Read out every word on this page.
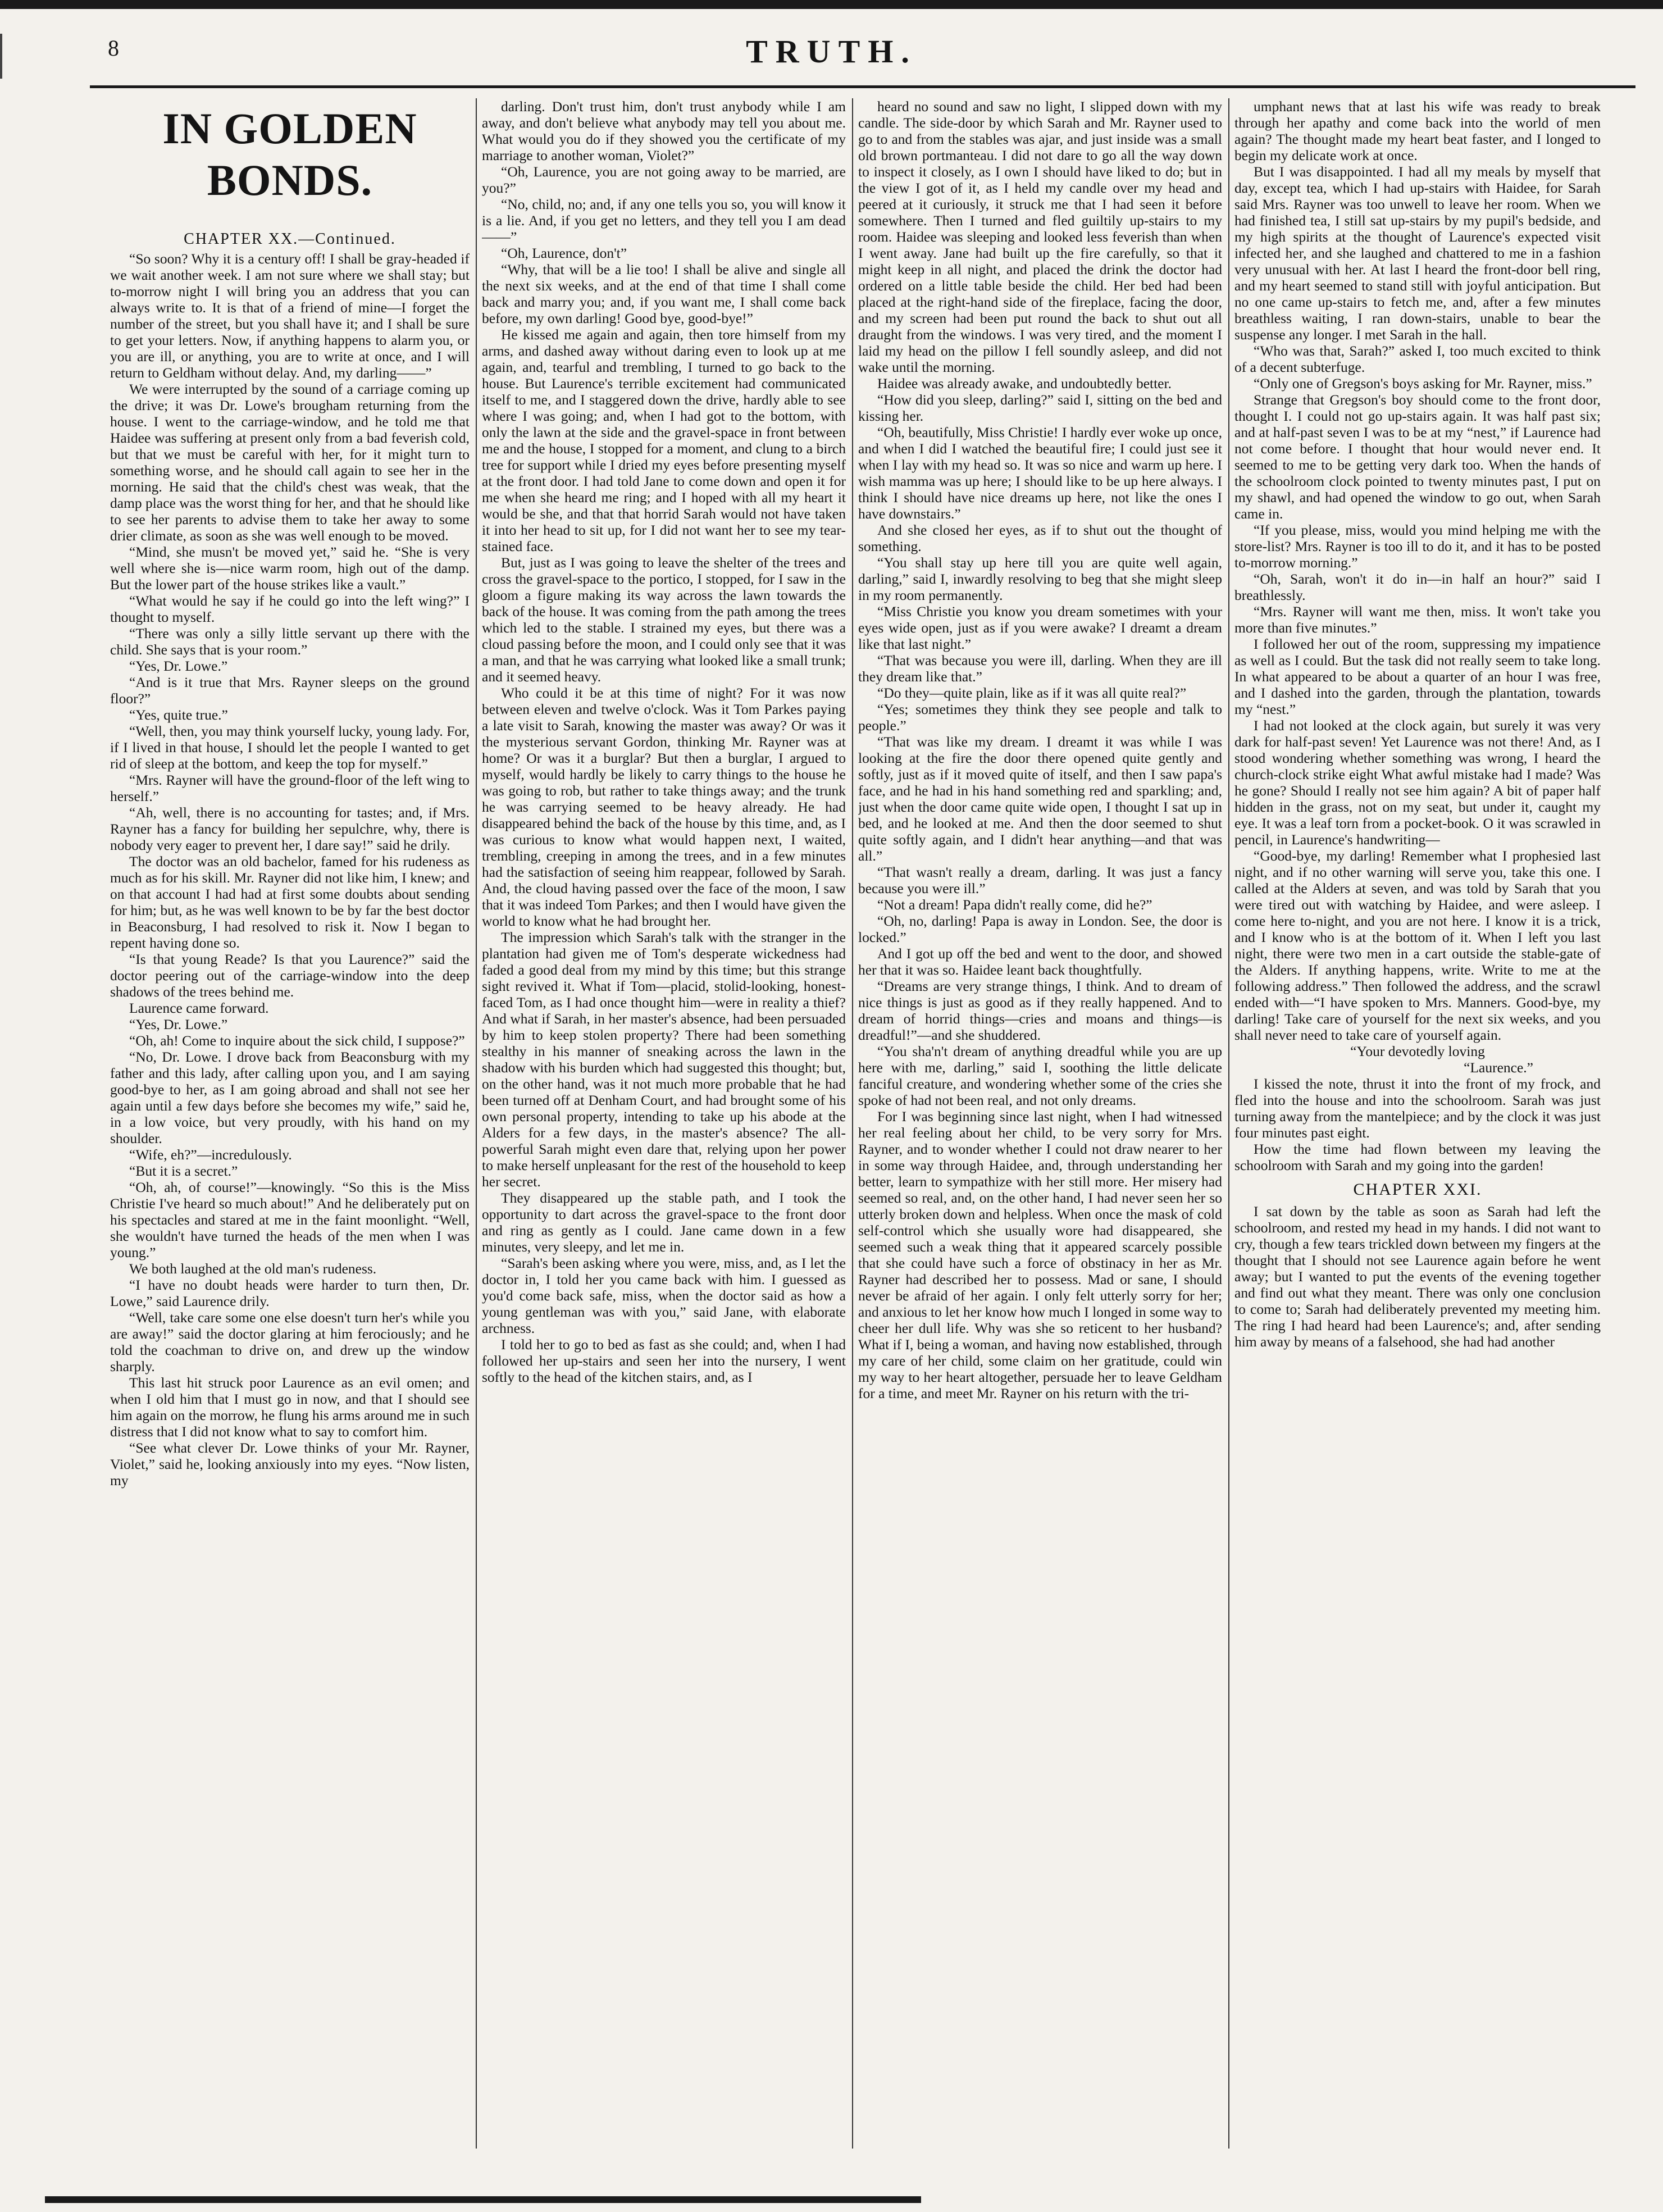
8	TRUTH.
IN GOLDEN BONDS.
CHAPTER XX.—Continued.

“So soon? Why it is a century off! I shall be gray-headed if we wait another week. I am not sure where we shall stay; but to-morrow night I will bring you an address that you can always write to. It is that of a friend of mine—I forget the number of the street, but you shall have it; and I shall be sure to get your letters. Now, if anything happens to alarm you, or you are ill, or anything, you are to write at once, and I will return to Geldham without delay. And, my darling——”

We were interrupted by the sound of a carriage coming up the drive; it was Dr. Lowe's brougham returning from the house. I went to the carriage-window, and he told me that Haidee was suffering at present only from a bad feverish cold, but that we must be careful with her, for it might turn to something worse, and he should call again to see her in the morning. He said that the child's chest was weak, that the damp place was the worst thing for her, and that he should like to see her parents to advise them to take her away to some drier climate, as soon as she was well enough to be moved.

“Mind, she musn't be moved yet,” said he. “She is very well where she is—nice warm room, high out of the damp. But the lower part of the house strikes like a vault.”

“What would he say if he could go into the left wing?” I thought to myself.

“There was only a silly little servant up there with the child. She says that is your room.”

“Yes, Dr. Lowe.”

“And is it true that Mrs. Rayner sleeps on the ground floor?”

“Yes, quite true.”

“Well, then, you may think yourself lucky, young lady. For, if I lived in that house, I should let the people I wanted to get rid of sleep at the bottom, and keep the top for myself.”

“Mrs. Rayner will have the ground-floor of the left wing to herself.”

“Ah, well, there is no accounting for tastes; and, if Mrs. Rayner has a fancy for building her sepulchre, why, there is nobody very eager to prevent her, I dare say!” said he drily.

The doctor was an old bachelor, famed for his rudeness as much as for his skill. Mr. Rayner did not like him, I knew; and on that account I had had at first some doubts about sending for him; but, as he was well known to be by far the best doctor in Beaconsburg, I had resolved to risk it. Now I began to repent having done so.

“Is that young Reade? Is that you Laurence?” said the doctor peering out of the carriage-window into the deep shadows of the trees behind me.

Laurence came forward.

“Yes, Dr. Lowe.”

“Oh, ah! Come to inquire about the sick child, I suppose?”

“No, Dr. Lowe. I drove back from Beaconsburg with my father and this lady, after calling upon you, and I am saying good-bye to her, as I am going abroad and shall not see her again until a few days before she becomes my wife,” said he, in a low voice, but very proudly, with his hand on my shoulder.

“Wife, eh?”—incredulously.

“But it is a secret.”

“Oh, ah, of course!”—knowingly. “So this is the Miss Christie I've heard so much about!” And he deliberately put on his spectacles and stared at me in the faint moonlight. “Well, she wouldn't have turned the heads of the men when I was young.”

We both laughed at the old man's rudeness.

“I have no doubt heads were harder to turn then, Dr. Lowe,” said Laurence drily.

“Well, take care some one else doesn't turn her's while you are away!” said the doctor glaring at him ferociously; and he told the coachman to drive on, and drew up the window sharply.

This last hit struck poor Laurence as an evil omen; and when I old him that I must go in now, and that I should see him again on the morrow, he flung his arms around me in such distress that I did not know what to say to comfort him.

“See what clever Dr. Lowe thinks of your Mr. Rayner, Violet,” said he, looking anxiously into my eyes. “Now listen, my

darling. Don't trust him, don't trust anybody while I am away, and don't believe what anybody may tell you about me. What would you do if they showed you the certificate of my marriage to another woman, Violet?”

“Oh, Laurence, you are not going away to be married, are you?”

“No, child, no; and, if any one tells you so, you will know it is a lie. And, if you get no letters, and they tell you I am dead——”

“Oh, Laurence, don't”

“Why, that will be a lie too! I shall be alive and single all the next six weeks, and at the end of that time I shall come back and marry you; and, if you want me, I shall come back before, my own darling! Good bye, good-bye!”

He kissed me again and again, then tore himself from my arms, and dashed away without daring even to look up at me again, and, tearful and trembling, I turned to go back to the house. But Laurence's terrible excitement had communicated itself to me, and I staggered down the drive, hardly able to see where I was going; and, when I had got to the bottom, with only the lawn at the side and the gravel-space in front between me and the house, I stopped for a moment, and clung to a birch tree for support while I dried my eyes before presenting myself at the front door. I had told Jane to come down and open it for me when she heard me ring; and I hoped with all my heart it would be she, and that that horrid Sarah would not have taken it into her head to sit up, for I did not want her to see my tear-stained face.

But, just as I was going to leave the shelter of the trees and cross the gravel-space to the portico, I stopped, for I saw in the gloom a figure making its way across the lawn towards the back of the house. It was coming from the path among the trees which led to the stable. I strained my eyes, but there was a cloud passing before the moon, and I could only see that it was a man, and that he was carrying what looked like a small trunk; and it seemed heavy.

Who could it be at this time of night? For it was now between eleven and twelve o'clock. Was it Tom Parkes paying a late visit to Sarah, knowing the master was away? Or was it the mysterious servant Gordon, thinking Mr. Rayner was at home? Or was it a burglar? But then a burglar, I argued to myself, would hardly be likely to carry things to the house he was going to rob, but rather to take things away; and the trunk he was carrying seemed to be heavy already. He had disappeared behind the back of the house by this time, and, as I was curious to know what would happen next, I waited, trembling, creeping in among the trees, and in a few minutes had the satisfaction of seeing him reappear, followed by Sarah. And, the cloud having passed over the face of the moon, I saw that it was indeed Tom Parkes; and then I would have given the world to know what he had brought her.

The impression which Sarah's talk with the stranger in the plantation had given me of Tom's desperate wickedness had faded a good deal from my mind by this time; but this strange sight revived it. What if Tom—placid, stolid-looking, honest-faced Tom, as I had once thought him—were in reality a thief? And what if Sarah, in her master's absence, had been persuaded by him to keep stolen property? There had been something stealthy in his manner of sneaking across the lawn in the shadow with his burden which had suggested this thought; but, on the other hand, was it not much more probable that he had been turned off at Denham Court, and had brought some of his own personal property, intending to take up his abode at the Alders for a few days, in the master's absence? The all-powerful Sarah might even dare that, relying upon her power to make herself unpleasant for the rest of the household to keep her secret.

They disappeared up the stable path, and I took the opportunity to dart across the gravel-space to the front door and ring as gently as I could. Jane came down in a few minutes, very sleepy, and let me in.

“Sarah's been asking where you were, miss, and, as I let the doctor in, I told her you came back with him. I guessed as you'd come back safe, miss, when the doctor said as how a young gentleman was with you,” said Jane, with elaborate archness.

I told her to go to bed as fast as she could; and, when I had followed her up-stairs and seen her into the nursery, I went softly to the head of the kitchen stairs, and, as I

heard no sound and saw no light, I slipped down with my candle. The side-door by which Sarah and Mr. Rayner used to go to and from the stables was ajar, and just inside was a small old brown portmanteau. I did not dare to go all the way down to inspect it closely, as I own I should have liked to do; but in the view I got of it, as I held my candle over my head and peered at it curiously, it struck me that I had seen it before somewhere. Then I turned and fled guiltily up-stairs to my room. Haidee was sleeping and looked less feverish than when I went away. Jane had built up the fire carefully, so that it might keep in all night, and placed the drink the doctor had ordered on a little table beside the child. Her bed had been placed at the right-hand side of the fireplace, facing the door, and my screen had been put round the back to shut out all draught from the windows. I was very tired, and the moment I laid my head on the pillow I fell soundly asleep, and did not wake until the morning.

Haidee was already awake, and undoubtedly better.

“How did you sleep, darling?” said I, sitting on the bed and kissing her.

“Oh, beautifully, Miss Christie! I hardly ever woke up once, and when I did I watched the beautiful fire; I could just see it when I lay with my head so. It was so nice and warm up here. I wish mamma was up here; I should like to be up here always. I think I should have nice dreams up here, not like the ones I have downstairs.”

And she closed her eyes, as if to shut out the thought of something.

“You shall stay up here till you are quite well again, darling,” said I, inwardly resolving to beg that she might sleep in my room permanently.

“Miss Christie you know you dream sometimes with your eyes wide open, just as if you were awake? I dreamt a dream like that last night.”

“That was because you were ill, darling. When they are ill they dream like that.”

“Do they—quite plain, like as if it was all quite real?”

“Yes; sometimes they think they see people and talk to people.”

“That was like my dream. I dreamt it was while I was looking at the fire the door there opened quite gently and softly, just as if it moved quite of itself, and then I saw papa's face, and he had in his hand something red and sparkling; and, just when the door came quite wide open, I thought I sat up in bed, and he looked at me. And then the door seemed to shut quite softly again, and I didn't hear anything—and that was all.”

“That wasn't really a dream, darling. It was just a fancy because you were ill.”

“Not a dream! Papa didn't really come, did he?”

“Oh, no, darling! Papa is away in London. See, the door is locked.”

And I got up off the bed and went to the door, and showed her that it was so. Haidee leant back thoughtfully.

“Dreams are very strange things, I think. And to dream of nice things is just as good as if they really happened. And to dream of horrid things—cries and moans and things—is dreadful!”—and she shuddered.

“You sha'n't dream of anything dreadful while you are up here with me, darling,” said I, soothing the little delicate fanciful creature, and wondering whether some of the cries she spoke of had not been real, and not only dreams.

For I was beginning since last night, when I had witnessed her real feeling about her child, to be very sorry for Mrs. Rayner, and to wonder whether I could not draw nearer to her in some way through Haidee, and, through understanding her better, learn to sympathize with her still more. Her misery had seemed so real, and, on the other hand, I had never seen her so utterly broken down and helpless. When once the mask of cold self-control which she usually wore had disappeared, she seemed such a weak thing that it appeared scarcely possible that she could have such a force of obstinacy in her as Mr. Rayner had described her to possess. Mad or sane, I should never be afraid of her again. I only felt utterly sorry for her; and anxious to let her know how much I longed in some way to cheer her dull life. Why was she so reticent to her husband? What if I, being a woman, and having now established, through my care of her child, some claim on her gratitude, could win my way to her heart altogether, persuade her to leave Geldham for a time, and meet Mr. Rayner on his return with the tri-

umphant news that at last his wife was ready to break through her apathy and come back into the world of men again? The thought made my heart beat faster, and I longed to begin my delicate work at once.

But I was disappointed. I had all my meals by myself that day, except tea, which I had up-stairs with Haidee, for Sarah said Mrs. Rayner was too unwell to leave her room. When we had finished tea, I still sat up-stairs by my pupil's bedside, and my high spirits at the thought of Laurence's expected visit infected her, and she laughed and chattered to me in a fashion very unusual with her. At last I heard the front-door bell ring, and my heart seemed to stand still with joyful anticipation. But no one came up-stairs to fetch me, and, after a few minutes breathless waiting, I ran down-stairs, unable to bear the suspense any longer. I met Sarah in the hall.

“Who was that, Sarah?” asked I, too much excited to think of a decent subterfuge.

“Only one of Gregson's boys asking for Mr. Rayner, miss.”

Strange that Gregson's boy should come to the front door, thought I. I could not go up-stairs again. It was half past six; and at half-past seven I was to be at my “nest,” if Laurence had not come before. I thought that hour would never end. It seemed to me to be getting very dark too. When the hands of the schoolroom clock pointed to twenty minutes past, I put on my shawl, and had opened the window to go out, when Sarah came in.

“If you please, miss, would you mind helping me with the store-list? Mrs. Rayner is too ill to do it, and it has to be posted to-morrow morning.”

“Oh, Sarah, won't it do in—in half an hour?” said I breathlessly.

“Mrs. Rayner will want me then, miss. It won't take you more than five minutes.”

I followed her out of the room, suppressing my impatience as well as I could. But the task did not really seem to take long. In what appeared to be about a quarter of an hour I was free, and I dashed into the garden, through the plantation, towards my “nest.”

I had not looked at the clock again, but surely it was very dark for half-past seven! Yet Laurence was not there! And, as I stood wondering whether something was wrong, I heard the church-clock strike eight What awful mistake had I made? Was he gone? Should I really not see him again? A bit of paper half hidden in the grass, not on my seat, but under it, caught my eye. It was a leaf torn from a pocket-book. O it was scrawled in pencil, in Laurence's handwriting—

“Good-bye, my darling! Remember what I prophesied last night, and if no other warning will serve you, take this one. I called at the Alders at seven, and was told by Sarah that you were tired out with watching by Haidee, and were asleep. I come here to-night, and you are not here. I know it is a trick, and I know who is at the bottom of it. When I left you last night, there were two men in a cart outside the stable-gate of the Alders. If anything happens, write. Write to me at the following address.” Then followed the address, and the scrawl ended with—“I have spoken to Mrs. Manners. Good-bye, my darling! Take care of yourself for the next six weeks, and you shall never need to take care of yourself again.

“Your devotedly loving

“Laurence.”

I kissed the note, thrust it into the front of my frock, and fled into the house and into the schoolroom. Sarah was just turning away from the mantelpiece; and by the clock it was just four minutes past eight.

How the time had flown between my leaving the schoolroom with Sarah and my going into the garden!

CHAPTER XXI.

I sat down by the table as soon as Sarah had left the schoolroom, and rested my head in my hands. I did not want to cry, though a few tears trickled down between my fingers at the thought that I should not see Laurence again before he went away; but I wanted to put the events of the evening together and find out what they meant. There was only one conclusion to come to; Sarah had deliberately prevented my meeting him. The ring I had heard had been Laurence's; and, after sending him away by means of a falsehood, she had had another
